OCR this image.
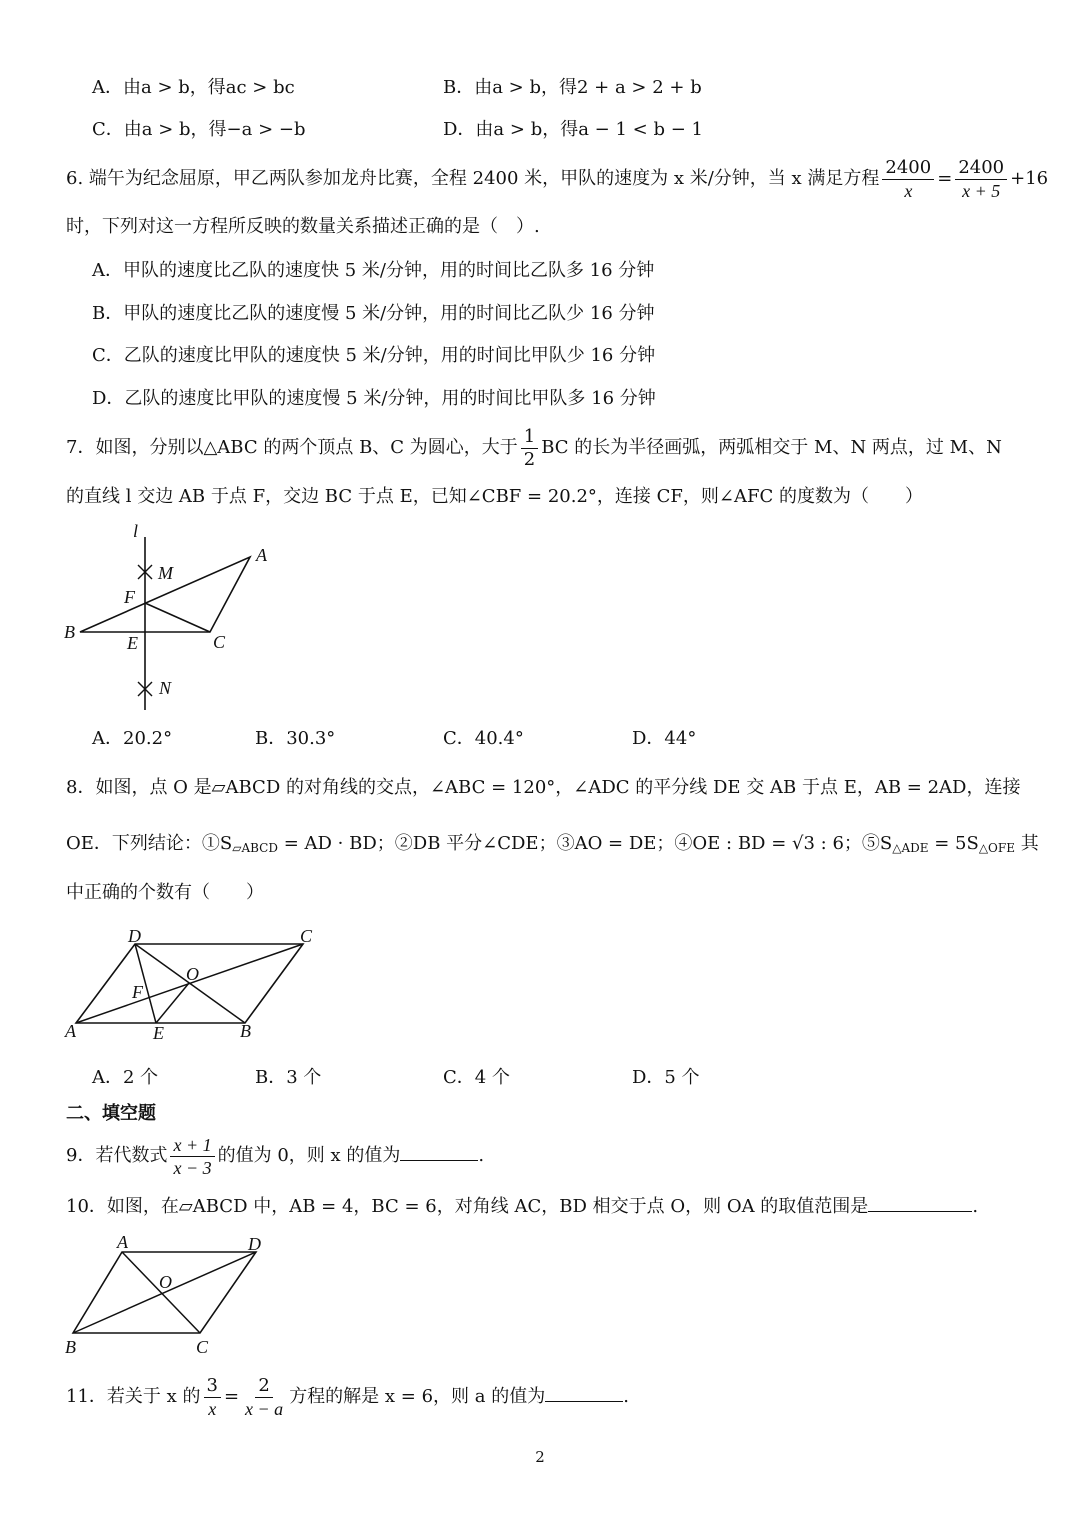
A．由a > b，得ac > bc	B．由a > b，得2 + a > 2 + b
C．由a > b，得−a > −b	D．由a > b，得a − 1 < b − 1
6. 端午为纪念屈原，甲乙两队参加龙舟比赛，全程 2400 米，甲队的速度为 x 米/分钟，当 x 满足方程 $\frac{2400}{x} = \frac{2400}{x + 5} +16$
时，下列对这一方程所反映的数量关系描述正确的是（　）.
A．甲队的速度比乙队的速度快 5 米/分钟，用的时间比乙队多 16 分钟
B．甲队的速度比乙队的速度慢 5 米/分钟，用的时间比乙队少 16 分钟
C．乙队的速度比甲队的速度快 5 米/分钟，用的时间比甲队少 16 分钟
D．乙队的速度比甲队的速度慢 5 米/分钟，用的时间比甲队多 16 分钟
7．如图，分别以△ABC 的两个顶点 B、C 为圆心，大于 $\frac{1}{2}$ BC 的长为半径画弧，两弧相交于 M、N 两点，过 M、N
的直线 l 交边 AB 于点 F，交边 BC 于点 E，已知∠CBF = 20.2°，连接 CF，则∠AFC 的度数为（　　）
l
M
A
F
B
E	C
N
A．20.2°	B．30.3°	C．40.4°	D．44°
8．如图，点 O 是▱ABCD 的对角线的交点，∠ABC = 120°，∠ADC 的平分线 DE 交 AB 于点 E，AB = 2AD，连接
OE．下列结论：$①S_{▱ABCD}$ = AD · BD；②DB 平分∠CDE；③AO = DE；④OE : BD = √3 : 6；$⑤S_{\triangle ADE} = 5S_{\triangle OFE}$ 其
中正确的个数有（　　）
D	C
O
F
A	E	B
A．2 个	B．3 个	C．4 个	D．5 个
二、填空题
9．若代数式 $\frac{x + 1}{x - 3}$ 的值为 0，则 x 的值为	.
10．如图，在▱ABCD 中，AB = 4，BC = 6，对角线 AC，BD 相交于点 O，则 OA 的取值范围是	.
A	D
O
B	C
11．若关于 x 的 $\frac{3}{x} = \frac{2}{x - a}$ 方程的解是 x = 6，则 a 的值为	.
2
